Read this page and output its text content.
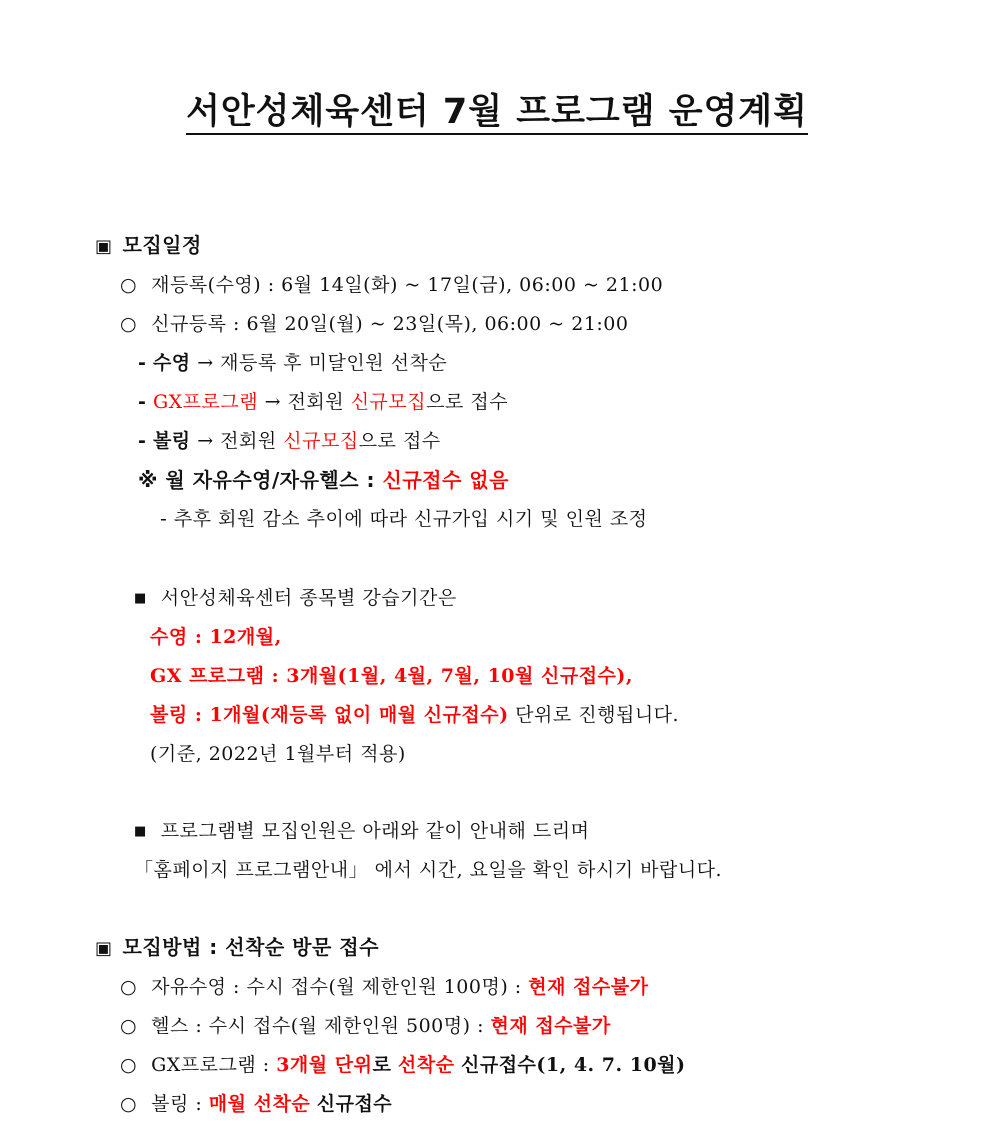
서안성체육센터 7월 프로그램 운영계획
▣ 모집일정
○ 재등록(수영) : 6월 14일(화) ~ 17일(금), 06:00 ~ 21:00
○ 신규등록 : 6월 20일(월) ~ 23일(목), 06:00 ~ 21:00
- 수영 → 재등록 후 미달인원 선착순
- GX프로그램 → 전회원 신규모집으로 접수
- 볼링 → 전회원 신규모집으로 접수
※ 월 자유수영/자유헬스 : 신규접수 없음
- 추후 회원 감소 추이에 따라 신규가입 시기 및 인원 조정
■ 서안성체육센터 종목별 강습기간은
수영 : 12개월,
GX 프로그램 : 3개월(1월, 4월, 7월, 10월 신규접수),
볼링 : 1개월(재등록 없이 매월 신규접수) 단위로 진행됩니다.
(기준, 2022년 1월부터 적용)
■ 프로그램별 모집인원은 아래와 같이 안내해 드리며
「홈페이지 프로그램안내」 에서 시간, 요일을 확인 하시기 바랍니다.
▣ 모집방법 : 선착순 방문 접수
○ 자유수영 : 수시 접수(월 제한인원 100명) : 현재 접수불가
○ 헬스 : 수시 접수(월 제한인원 500명) : 현재 접수불가
○ GX프로그램 : 3개월 단위로 선착순 신규접수(1, 4. 7. 10월)
○ 볼링 : 매월 선착순 신규접수
